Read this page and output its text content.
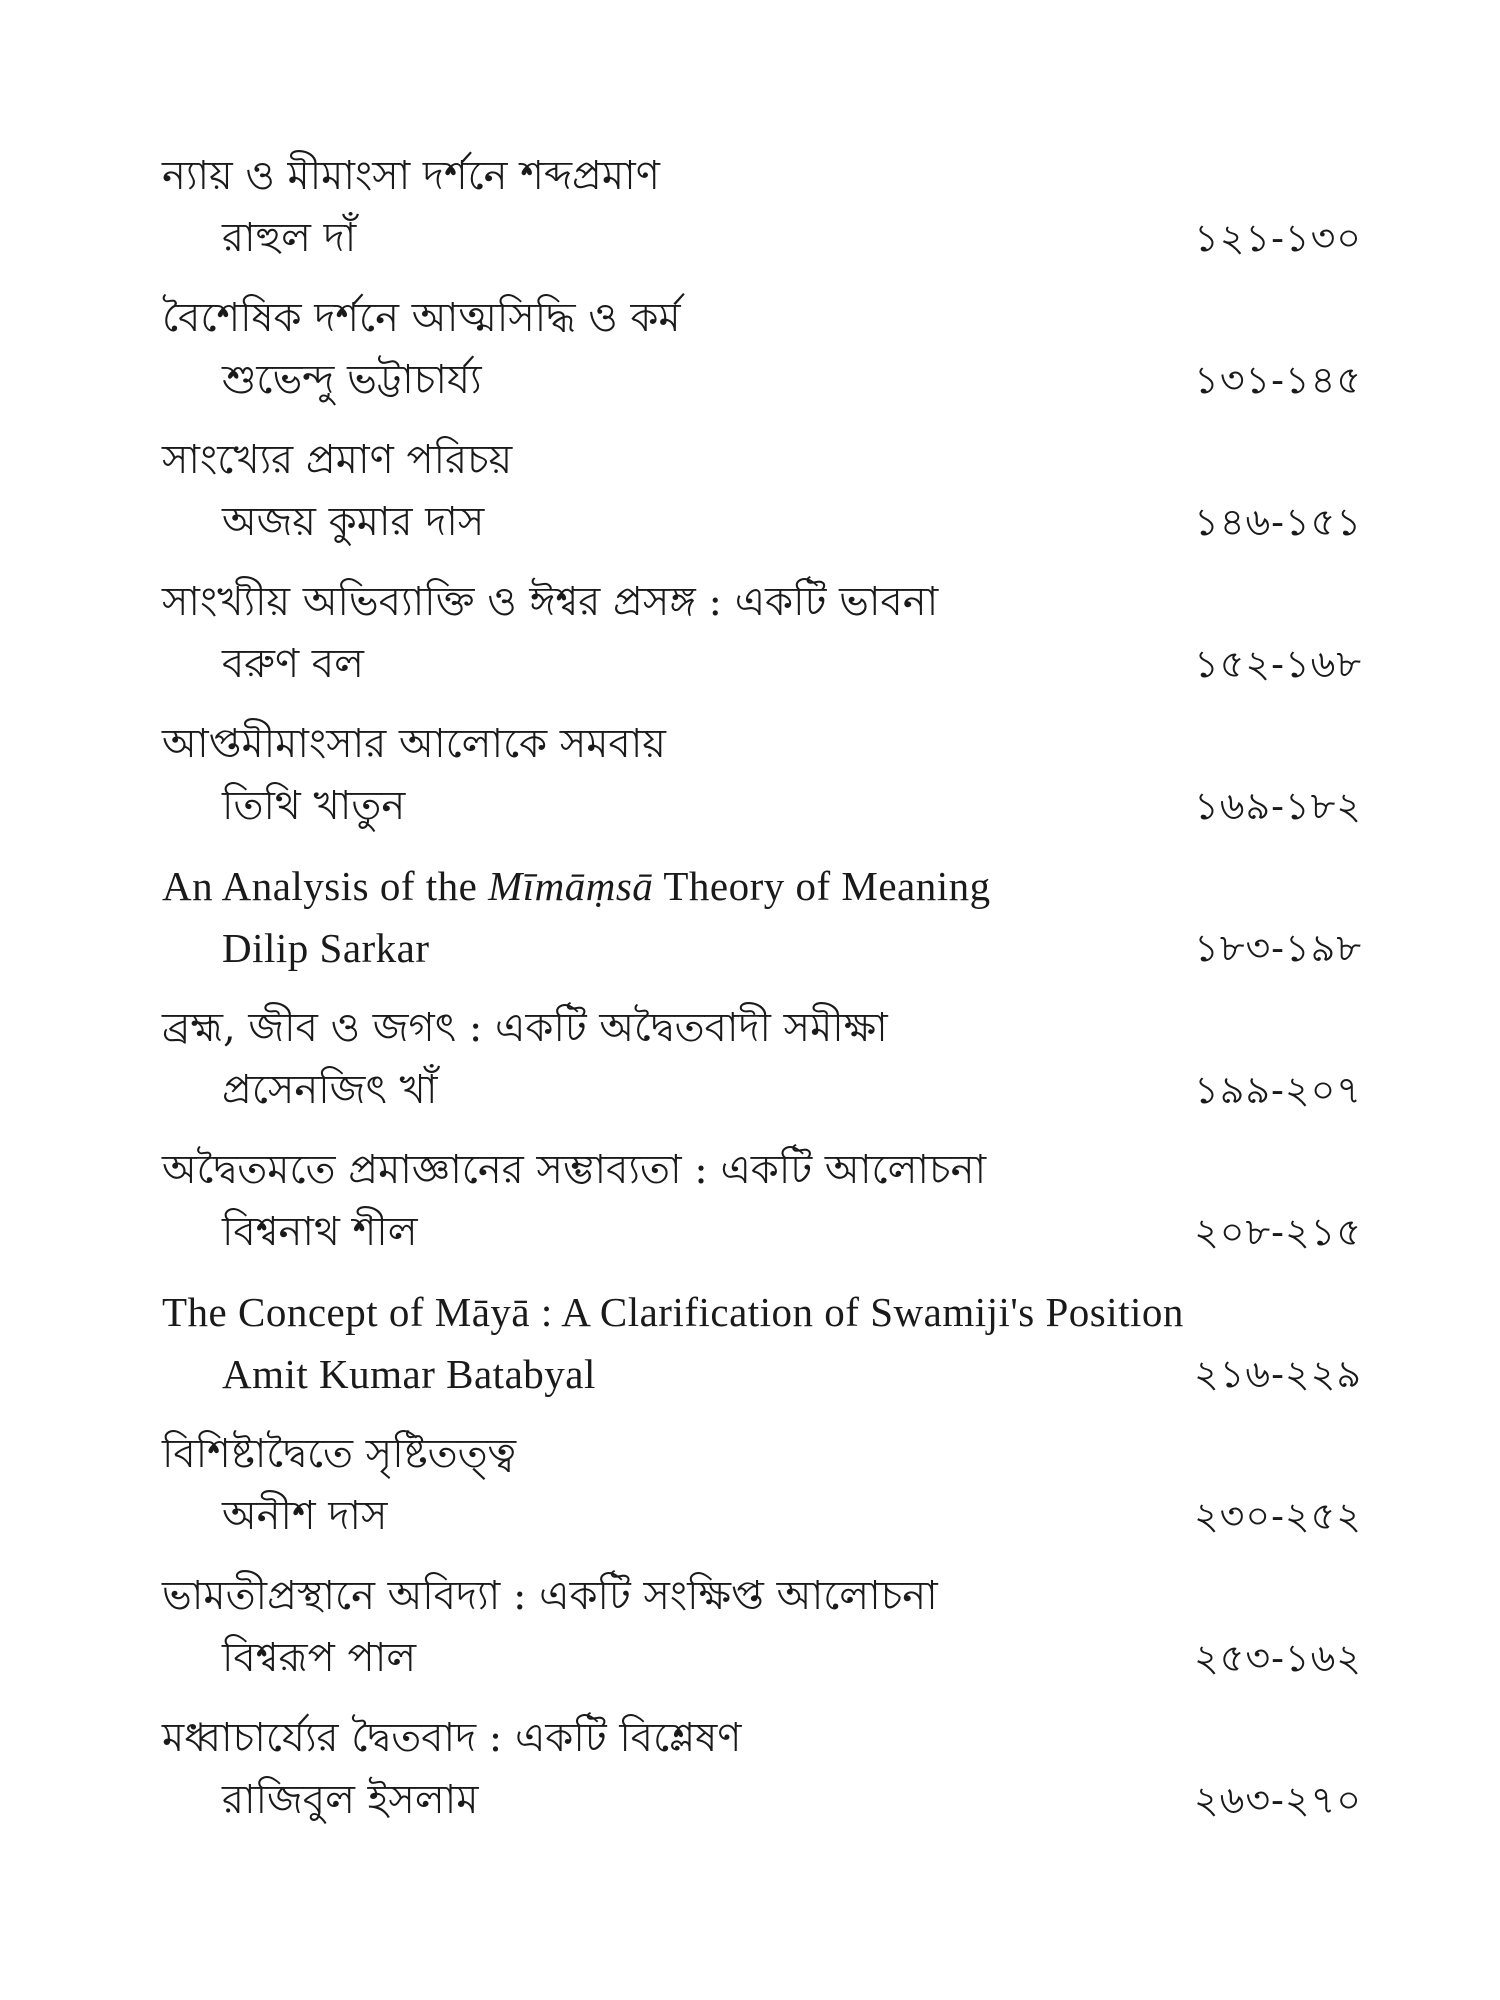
ন্যায় ও মীমাংসা দর্শনে শব্দপ্রমাণ
রাহুল দাঁ	১২১-১৩০
বৈশেষিক দর্শনে আত্মসিদ্ধি ও কর্ম
শুভেন্দু ভট্টাচার্য্য	১৩১-১৪৫
সাংখ্যের প্রমাণ পরিচয়
অজয় কুমার দাস	১৪৬-১৫১
সাংখ্যীয় অভিব্যাক্তি ও ঈশ্বর প্রসঙ্গ : একটি ভাবনা
বরুণ বল	১৫২-১৬৮
আপ্তমীমাংসার আলোকে সমবায়
তিথি খাতুন	১৬৯-১৮২
An Analysis of the Mīmāṃsā Theory of Meaning
Dilip Sarkar	১৮৩-১৯৮
ব্রহ্ম, জীব ও জগৎ : একটি অদ্বৈতবাদী সমীক্ষা
প্রসেনজিৎ খাঁ	১৯৯-২০৭
অদ্বৈতমতে প্রমাজ্ঞানের সম্ভাব্যতা : একটি আলোচনা
বিশ্বনাথ শীল	২০৮-২১৫
The Concept of Māyā : A Clarification of Swamiji's Position
Amit Kumar Batabyal	২১৬-২২৯
বিশিষ্টাদ্বৈতে সৃষ্টিতত্ত্ব
অনীশ দাস	২৩০-২৫২
ভামতীপ্রস্থানে অবিদ্যা : একটি সংক্ষিপ্ত আলোচনা
বিশ্বরূপ পাল	২৫৩-১৬২
মধ্বাচার্য্যের দ্বৈতবাদ : একটি বিশ্লেষণ
রাজিবুল ইসলাম	২৬৩-২৭০
